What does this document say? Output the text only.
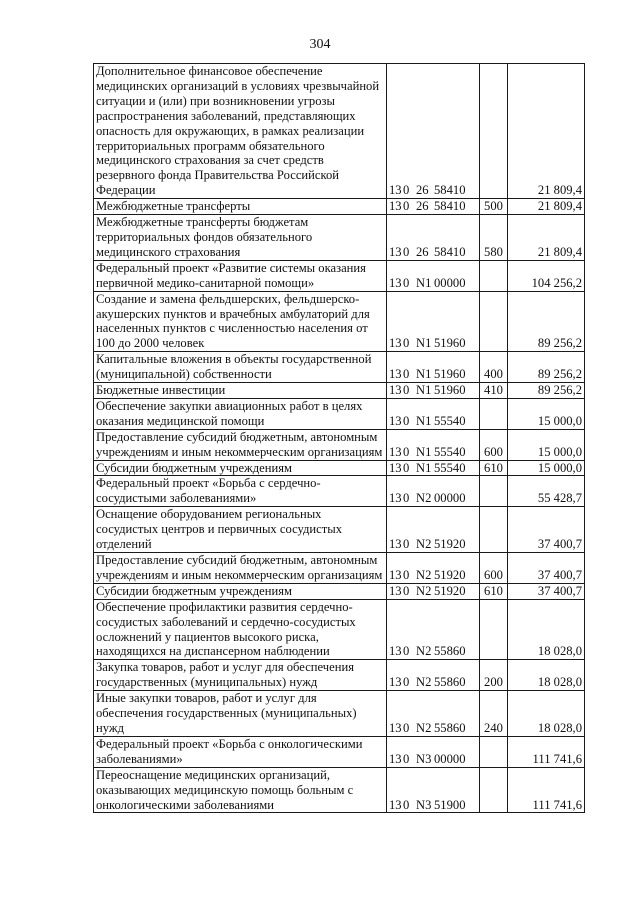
304
Дополнительное финансовое обеспечение медицинских организаций в условиях чрезвычайной ситуации и (или) при возникновении угрозы распространения заболеваний, представляющих опасность для окружающих, в рамках реализации территориальных программ обязательного медицинского страхования за счет средств резервного фонда Правительства Российской Федерации	130 26 58410		21 809,4
Межбюджетные трансферты	130 26 58410	500	21 809,4
Межбюджетные трансферты бюджетам территориальных фондов обязательного медицинского страхования	130 26 58410	580	21 809,4
Федеральный проект «Развитие системы оказания первичной медико-санитарной помощи»	130 N1 00000		104 256,2
Создание и замена фельдшерских, фельдшерско-акушерских пунктов и врачебных амбулаторий для населенных пунктов с численностью населения от 100 до 2000 человек	130 N1 51960		89 256,2
Капитальные вложения в объекты государственной (муниципальной) собственности	130 N1 51960	400	89 256,2
Бюджетные инвестиции	130 N1 51960	410	89 256,2
Обеспечение закупки авиационных работ в целях оказания медицинской помощи	130 N1 55540		15 000,0
Предоставление субсидий бюджетным, автономным учреждениям и иным некоммерческим организациям	130 N1 55540	600	15 000,0
Субсидии бюджетным учреждениям	130 N1 55540	610	15 000,0
Федеральный проект «Борьба с сердечно-сосудистыми заболеваниями»	130 N2 00000		55 428,7
Оснащение оборудованием региональных сосудистых центров и первичных сосудистых отделений	130 N2 51920		37 400,7
Предоставление субсидий бюджетным, автономным учреждениям и иным некоммерческим организациям	130 N2 51920	600	37 400,7
Субсидии бюджетным учреждениям	130 N2 51920	610	37 400,7
Обеспечение профилактики развития сердечно-сосудистых заболеваний и сердечно-сосудистых осложнений у пациентов высокого риска, находящихся на диспансерном наблюдении	130 N2 55860		18 028,0
Закупка товаров, работ и услуг для обеспечения государственных (муниципальных) нужд	130 N2 55860	200	18 028,0
Иные закупки товаров, работ и услуг для обеспечения государственных (муниципальных) нужд	130 N2 55860	240	18 028,0
Федеральный проект «Борьба с онкологическими заболеваниями»	130 N3 00000		111 741,6
Переоснащение медицинских организаций, оказывающих медицинскую помощь больным с онкологическими заболеваниями	130 N3 51900		111 741,6
